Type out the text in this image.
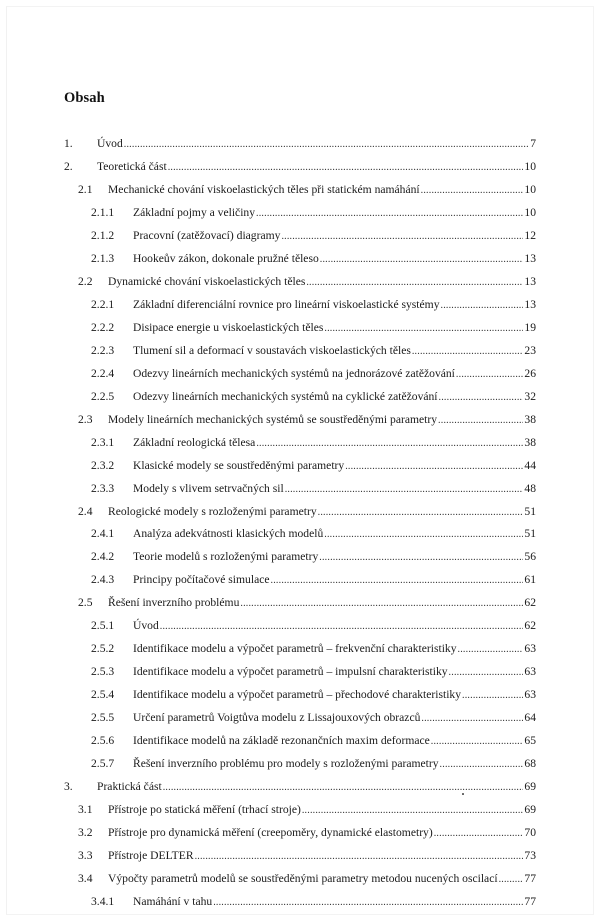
Obsah
1. Úvod .....	7
2. Teoretická část .....	10
2.1 Mechanické chování viskoelastických těles při statickém namáhání .....	10
2.1.1 Základní pojmy a veličiny .....	10
2.1.2 Pracovní (zatěžovací) diagramy .....	12
2.1.3 Hookeův zákon, dokonale pružné těleso .....	13
2.2 Dynamické chování viskoelastických těles .....	13
2.2.1 Základní diferenciální rovnice pro lineární viskoelastické systémy .....	13
2.2.2 Disipace energie u viskoelastických těles .....	19
2.2.3 Tlumení sil a deformací v soustavách viskoelastických těles .....	23
2.2.4 Odezvy lineárních mechanických systémů na jednorázové zatěžování .....	26
2.2.5 Odezvy lineárních mechanických systémů na cyklické zatěžování .....	32
2.3 Modely lineárních mechanických systémů se soustředěnými parametry .....	38
2.3.1 Základní reologická tělesa .....	38
2.3.2 Klasické modely se soustředěnými parametry .....	44
2.3.3 Modely s vlivem setrvačných sil .....	48
2.4 Reologické modely s rozloženými parametry .....	51
2.4.1 Analýza adekvátnosti klasických modelů .....	51
2.4.2 Teorie modelů s rozloženými parametry .....	56
2.4.3 Principy počítačové simulace .....	61
2.5 Řešení inverzního problému .....	62
2.5.1 Úvod .....	62
2.5.2 Identifikace modelu a výpočet parametrů – frekvenční charakteristiky .....	63
2.5.3 Identifikace modelu a výpočet parametrů – impulsní charakteristiky .....	63
2.5.4 Identifikace modelu a výpočet parametrů – přechodové charakteristiky .....	63
2.5.5 Určení parametrů Voigtůva modelu z Lissajouxových obrazců .....	64
2.5.6 Identifikace modelů na základě rezonančních maxim deformace .....	65
2.5.7 Řešení inverzního problému pro modely s rozloženými parametry .....	68
3. Praktická část .....	69
3.1 Přístroje po statická měření (trhací stroje) .....	69
3.2 Přístroje pro dynamická měření (creepoměry, dynamické elastometry) .....	70
3.3 Přístroje DELTER .....	73
3.4 Výpočty parametrů modelů se soustředěnými parametry metodou nucených oscilací ..... 77
3.4.1 Namáhání v tahu .....	77
